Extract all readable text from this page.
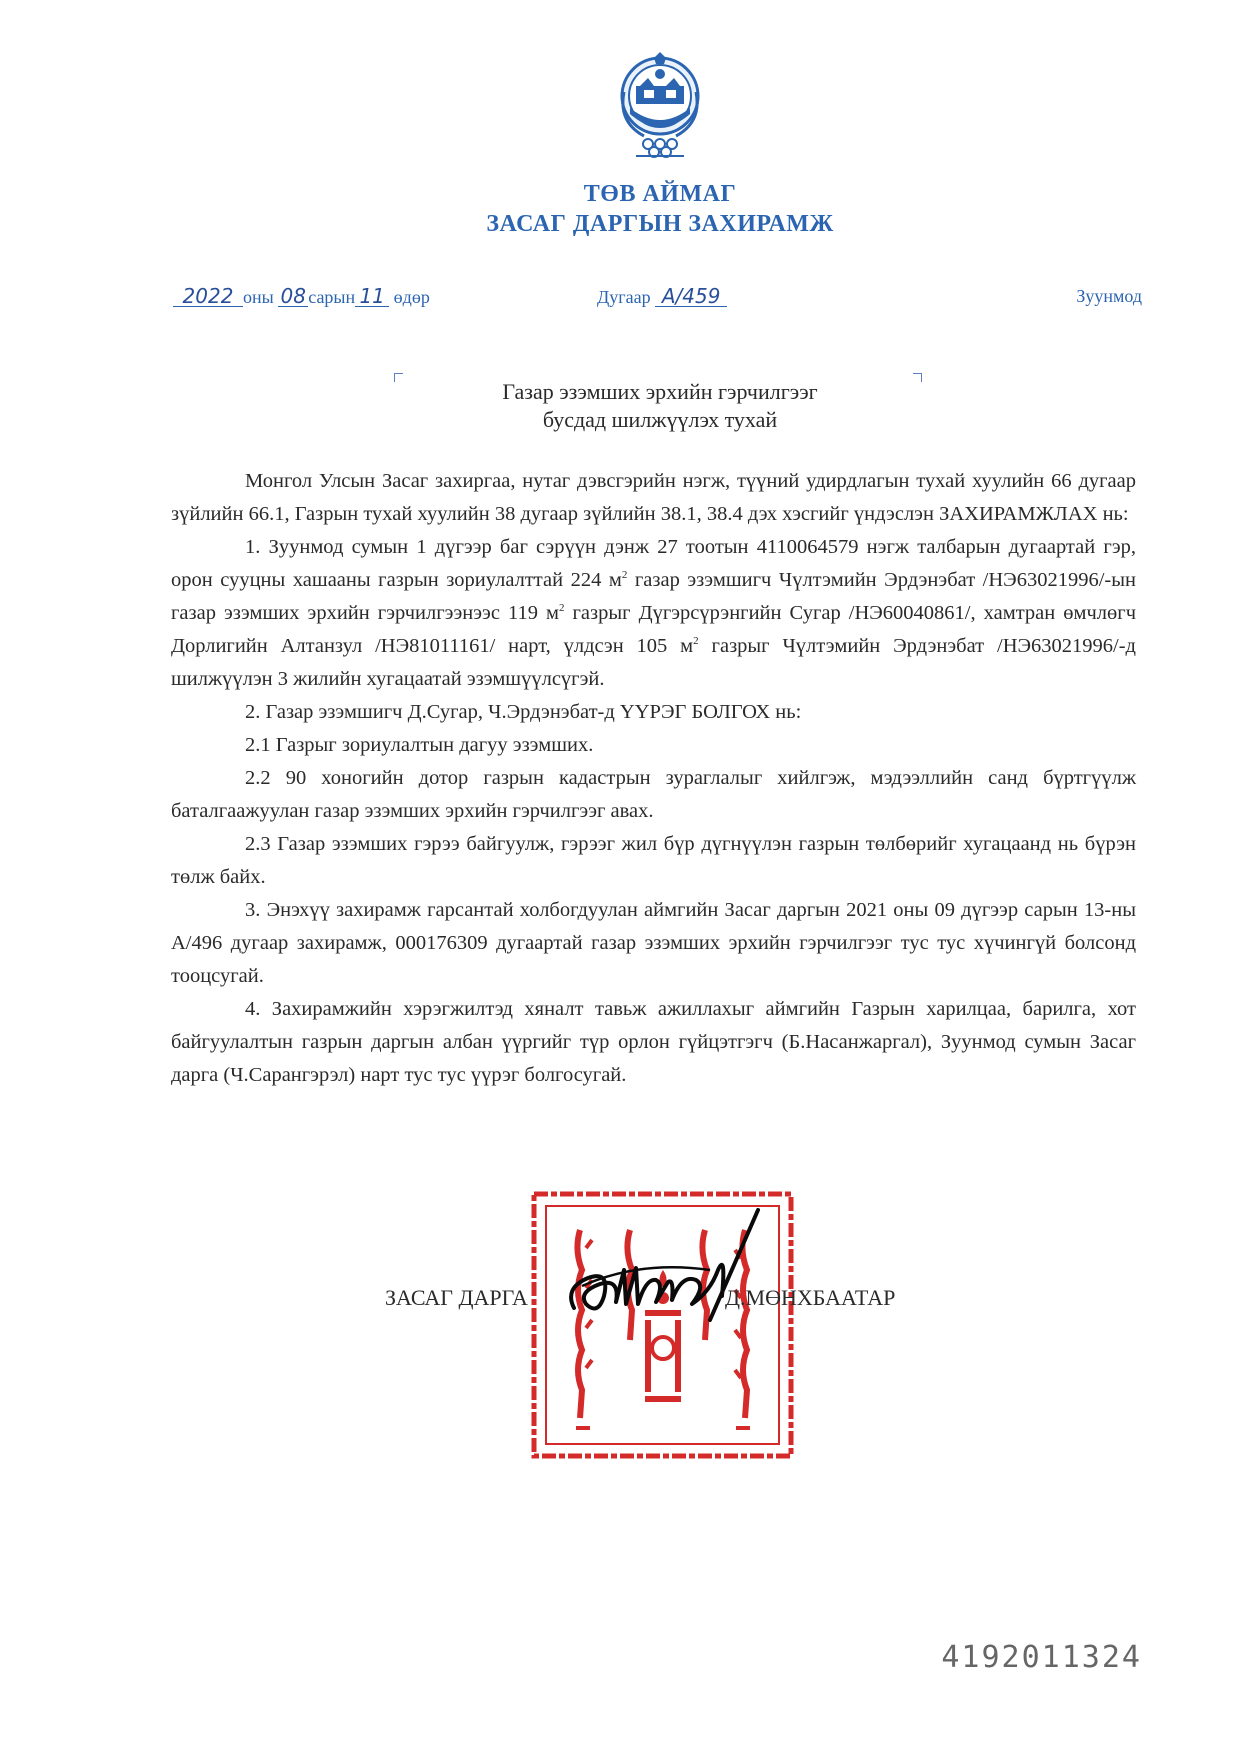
ТӨВ АЙМАГ
ЗАСАГ ДАРГЫН ЗАХИРАМЖ
2022 оны 08 сарын 11 өдөр	Дугаар A/459	Зуунмод
Газар эзэмших эрхийн гэрчилгээг
бусдад шилжүүлэх тухай

Монгол Улсын Засаг захиргаа, нутаг дэвсгэрийн нэгж, түүний удирдлагын тухай хуулийн 66 дугаар зүйлийн 66.1, Газрын тухай хуулийн 38 дугаар зүйлийн 38.1, 38.4 дэх хэсгийг үндэслэн ЗАХИРАМЖЛАХ нь:

1. Зуунмод сумын 1 дүгээр баг сэрүүн дэнж 27 тоотын 4110064579 нэгж талбарын дугаартай гэр, орон сууцны хашааны газрын зориулалттай 224 $м^2$ газар эзэмшигч Чүлтэмийн Эрдэнэбат /НЭ63021996/-ын газар эзэмших эрхийн гэрчилгээнээс 119 $м^2$ газрыг Дүгэрсүрэнгийн Сугар /НЭ60040861/, хамтран өмчлөгч Дорлигийн Алтанзул /НЭ81011161/ нарт, үлдсэн 105 $м^2$ газрыг Чүлтэмийн Эрдэнэбат /НЭ63021996/-д шилжүүлэн 3 жилийн хугацаатай эзэмшүүлсүгэй.

2. Газар эзэмшигч Д.Сугар, Ч.Эрдэнэбат-д ҮҮРЭГ БОЛГОХ нь:

2.1 Газрыг зориулалтын дагуу эзэмших.

2.2 90 хоногийн дотор газрын кадастрын зураглалыг хийлгэж, мэдээллийн санд бүртгүүлж баталгаажуулан газар эзэмших эрхийн гэрчилгээг авах.

2.3 Газар эзэмших гэрээ байгуулж, гэрээг жил бүр дүгнүүлэн газрын төлбөрийг хугацаанд нь бүрэн төлж байх.

3. Энэхүү захирамж гарсантай холбогдуулан аймгийн Засаг даргын 2021 оны 09 дүгээр сарын 13-ны А/496 дугаар захирамж, 000176309 дугаартай газар эзэмших эрхийн гэрчилгээг тус тус хүчингүй болсонд тооцсугай.

4. Захирамжийн хэрэгжилтэд хяналт тавьж ажиллахыг аймгийн Газрын харилцаа, барилга, хот байгуулалтын газрын даргын албан үүргийг түр орлон гүйцэтгэгч (Б.Насанжаргал), Зуунмод сумын Засаг дарга (Ч.Сарангэрэл) нарт тус тус үүрэг болгосугай.

ЗАСАГ ДАРГА	Д.МӨНХБААТАР
4192011324
